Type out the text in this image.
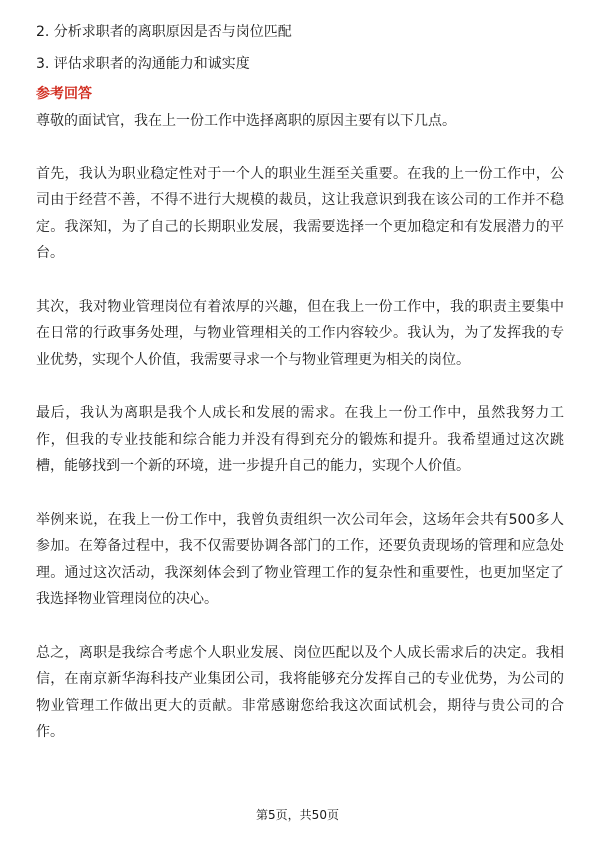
2. 分析求职者的离职原因是否与岗位匹配
3. 评估求职者的沟通能力和诚实度
参考回答

尊敬的面试官，我在上一份工作中选择离职的原因主要有以下几点。

首先，我认为职业稳定性对于一个人的职业生涯至关重要。在我的上一份工作中，公司由于经营不善，不得不进行大规模的裁员，这让我意识到我在该公司的工作并不稳定。我深知，为了自己的长期职业发展，我需要选择一个更加稳定和有发展潜力的平台。

其次，我对物业管理岗位有着浓厚的兴趣，但在我上一份工作中，我的职责主要集中在日常的行政事务处理，与物业管理相关的工作内容较少。我认为，为了发挥我的专业优势，实现个人价值，我需要寻求一个与物业管理更为相关的岗位。

最后，我认为离职是我个人成长和发展的需求。在我上一份工作中，虽然我努力工作，但我的专业技能和综合能力并没有得到充分的锻炼和提升。我希望通过这次跳槽，能够找到一个新的环境，进一步提升自己的能力，实现个人价值。

举例来说，在我上一份工作中，我曾负责组织一次公司年会，这场年会共有500多人参加。在筹备过程中，我不仅需要协调各部门的工作，还要负责现场的管理和应急处理。通过这次活动，我深刻体会到了物业管理工作的复杂性和重要性，也更加坚定了我选择物业管理岗位的决心。

总之，离职是我综合考虑个人职业发展、岗位匹配以及个人成长需求后的决定。我相信，在南京新华海科技产业集团公司，我将能够充分发挥自己的专业优势，为公司的物业管理工作做出更大的贡献。非常感谢您给我这次面试机会，期待与贵公司的合作。

第5页，共50页
